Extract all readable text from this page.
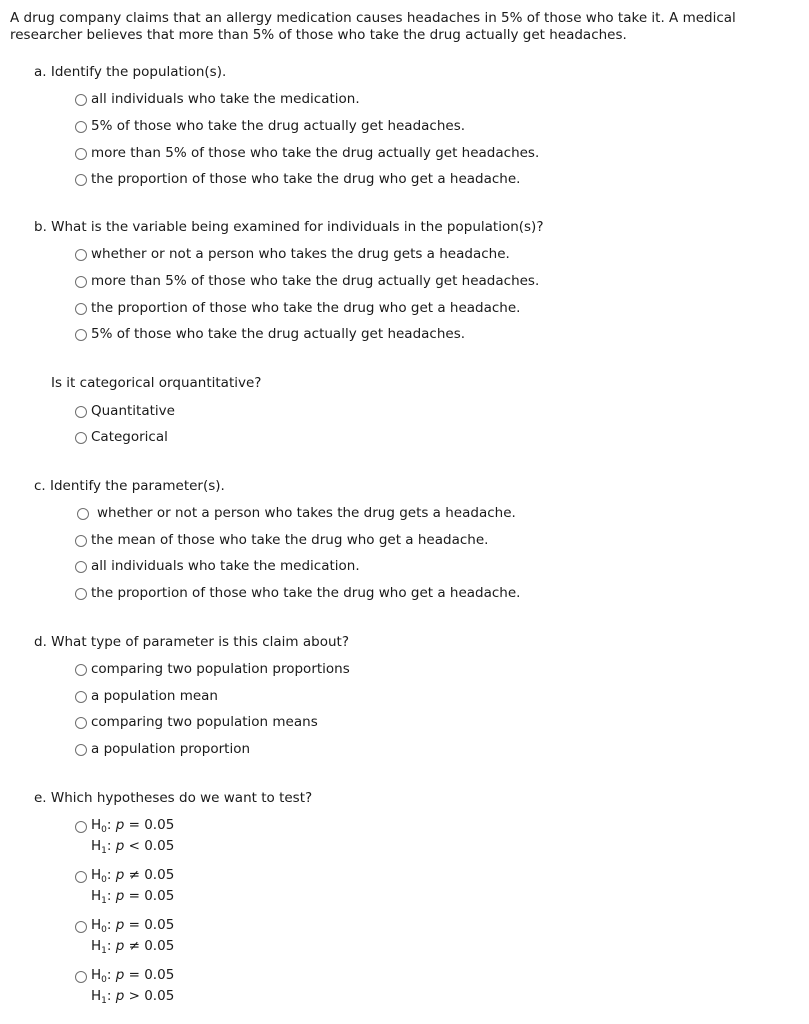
A drug company claims that an allergy medication causes headaches in 5% of those who take it. A medical researcher believes that more than 5% of those who take the drug actually get headaches.
a. Identify the population(s).
all individuals who take the medication.
5% of those who take the drug actually get headaches.
more than 5% of those who take the drug actually get headaches.
the proportion of those who take the drug who get a headache.
b. What is the variable being examined for individuals in the population(s)?
whether or not a person who takes the drug gets a headache.
more than 5% of those who take the drug actually get headaches.
the proportion of those who take the drug who get a headache.
5% of those who take the drug actually get headaches.
Is it categorical orquantitative?
Quantitative
Categorical
c. Identify the parameter(s).
whether or not a person who takes the drug gets a headache.
the mean of those who take the drug who get a headache.
all individuals who take the medication.
the proportion of those who take the drug who get a headache.
d. What type of parameter is this claim about?
comparing two population proportions
a population mean
comparing two population means
a population proportion
e. Which hypotheses do we want to test?
$H_0$: p = 0.05
$H_1$: p < 0.05
$H_0$: p ≠ 0.05
$H_1$: p = 0.05
$H_0$: p = 0.05
$H_1$: p ≠ 0.05
$H_0$: p = 0.05
$H_1$: p > 0.05
